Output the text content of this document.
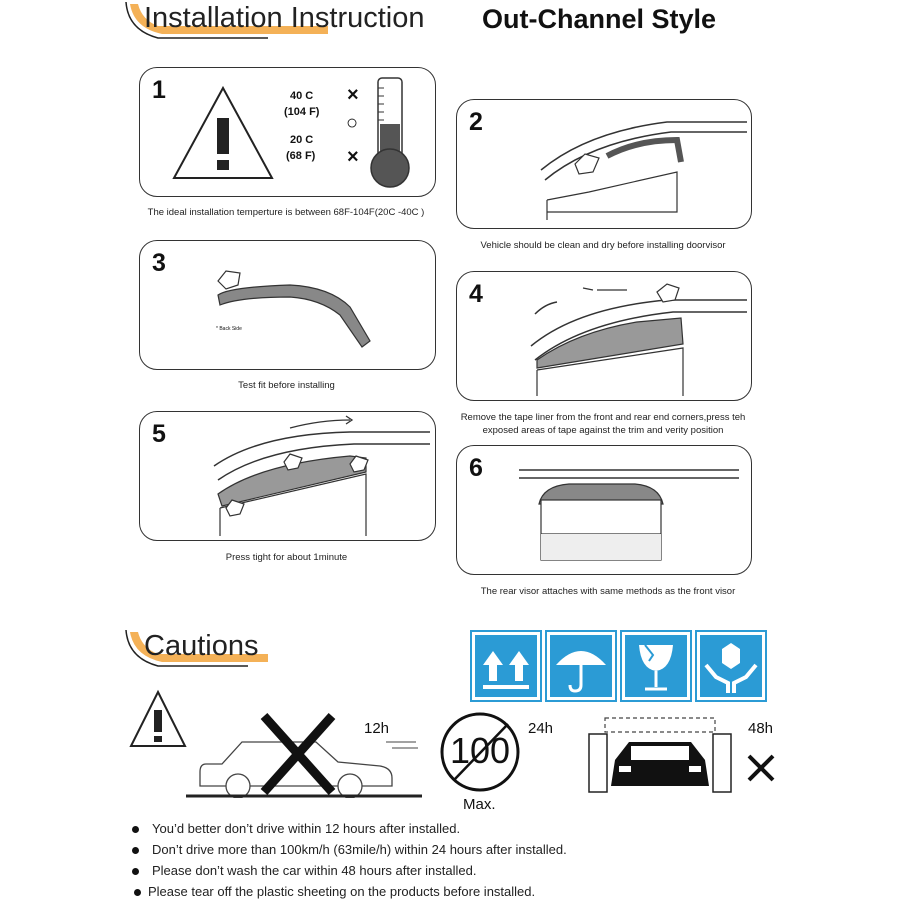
Installation Instruction Out-Channel Style
1	40 C
(104 F)
20 C
(68 F)
×
○
×
The ideal installation temperture is between 68F-104F(20C -40C )
2
Vehicle should be clean and dry before installing doorvisor
3
* Back Side
Test fit before installing
4
Remove the tape liner from the front and rear end corners,press teh exposed areas of tape against the trim and verity position
5
Press tight for about 1minute
6
The rear visor attaches with same methods as the front visor
Cautions
12h
100
24h
Max.
48h
You’d better don’t drive within 12 hours after installed.
Don’t drive more than 100km/h (63mile/h) within 24 hours after installed.
Please don’t wash the car within 48 hours after installed.
Please tear off the plastic sheeting on the products before installed.
